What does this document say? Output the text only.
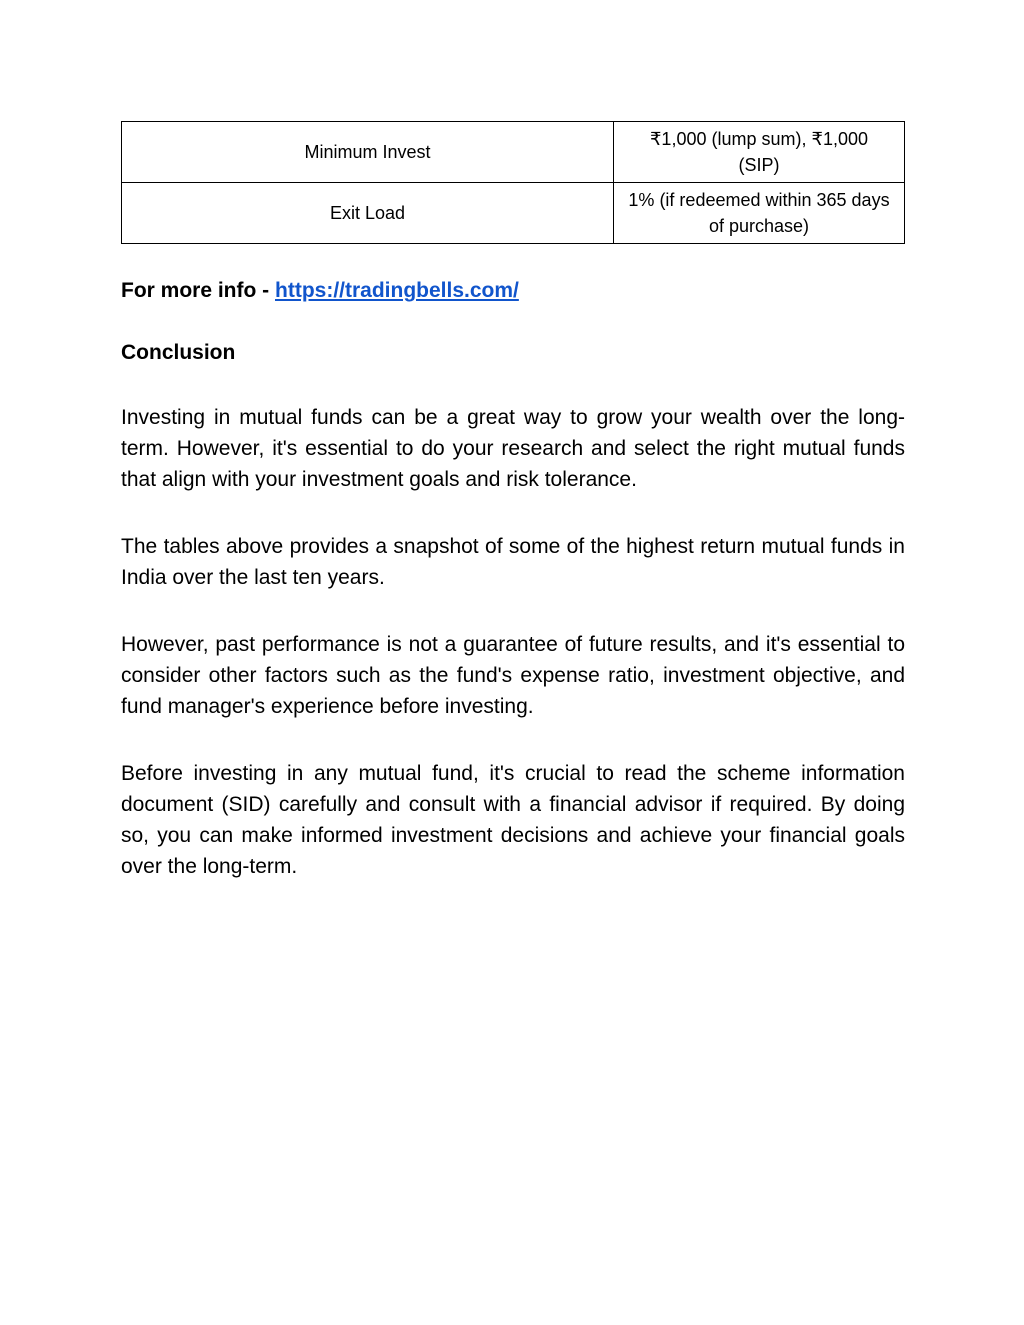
Minimum Invest	₹1,000 (lump sum), ₹1,000 (SIP)
Exit Load	1% (if redeemed within 365 days of purchase)
For more info - https://tradingbells.com/
Conclusion

Investing in mutual funds can be a great way to grow your wealth over the long-term. However, it's essential to do your research and select the right mutual funds that align with your investment goals and risk tolerance.

The tables above provides a snapshot of some of the highest return mutual funds in India over the last ten years.

However, past performance is not a guarantee of future results, and it's essential to consider other factors such as the fund's expense ratio, investment objective, and fund manager's experience before investing.

Before investing in any mutual fund, it's crucial to read the scheme information document (SID) carefully and consult with a financial advisor if required. By doing so, you can make informed investment decisions and achieve your financial goals over the long-term.
